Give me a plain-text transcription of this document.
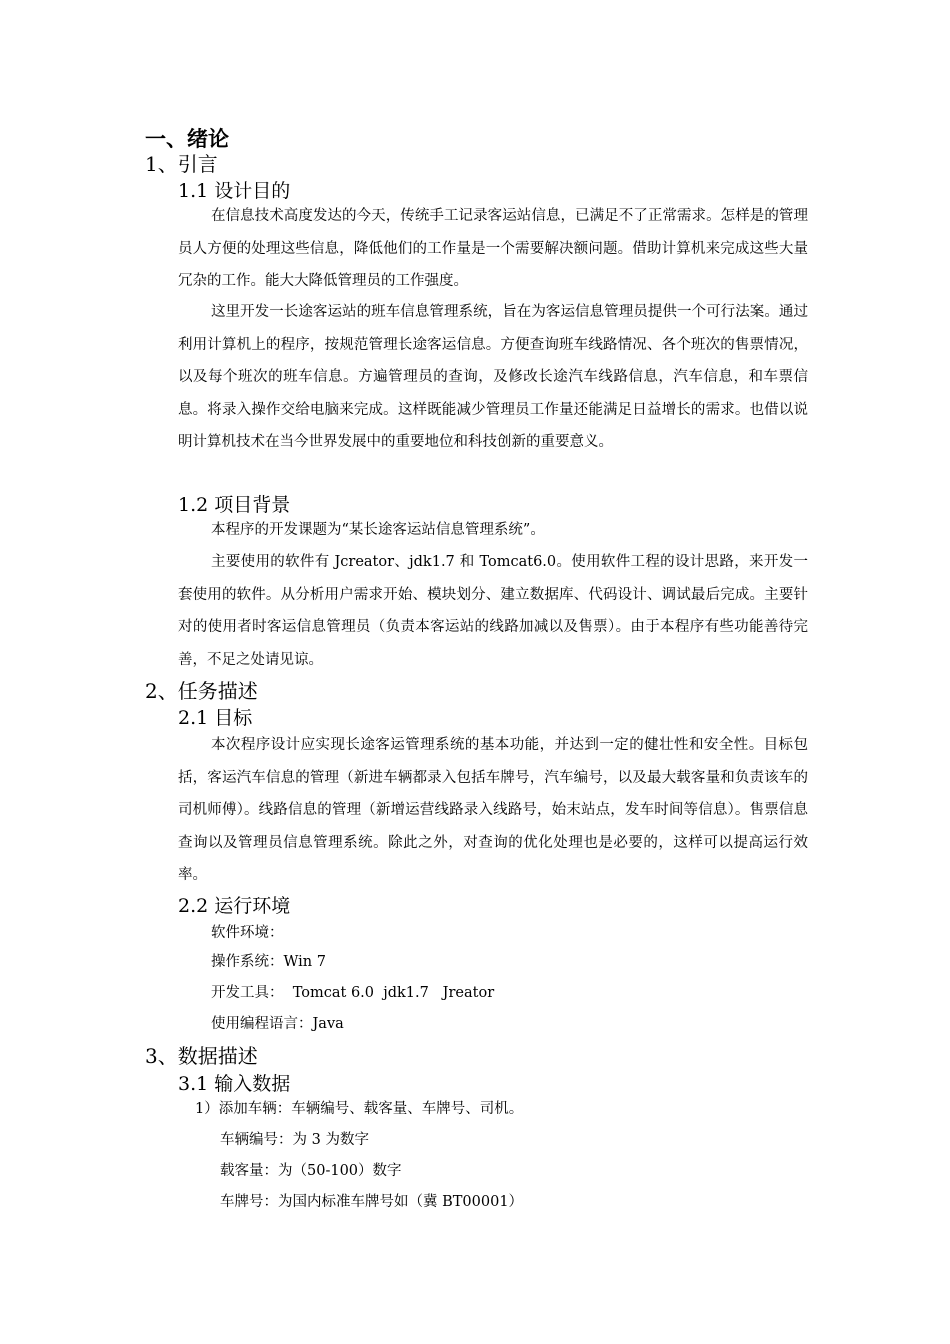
一、绪论
1、引言
1.1 设计目的
在信息技术高度发达的今天，传统手工记录客运站信息，已满足不了正常需求。怎样是的管理员人方便的处理这些信息，降低他们的工作量是一个需要解决额问题。借助计算机来完成这些大量冗杂的工作。能大大降低管理员的工作强度。
这里开发一长途客运站的班车信息管理系统，旨在为客运信息管理员提供一个可行法案。通过利用计算机上的程序，按规范管理长途客运信息。方便查询班车线路情况、各个班次的售票情况，以及每个班次的班车信息。方遍管理员的查询，及修改长途汽车线路信息，汽车信息，和车票信息。将录入操作交给电脑来完成。这样既能减少管理员工作量还能满足日益增长的需求。也借以说明计算机技术在当今世界发展中的重要地位和科技创新的重要意义。
1.2 项目背景
本程序的开发课题为“某长途客运站信息管理系统”。
主要使用的软件有 Jcreator、jdk1.7 和 Tomcat6.0。使用软件工程的设计思路，来开发一套使用的软件。从分析用户需求开始、模块划分、建立数据库、代码设计、调试最后完成。主要针对的使用者时客运信息管理员（负责本客运站的线路加减以及售票）。由于本程序有些功能善待完善，不足之处请见谅。
2、任务描述
2.1 目标
本次程序设计应实现长途客运管理系统的基本功能，并达到一定的健壮性和安全性。目标包括，客运汽车信息的管理（新进车辆都录入包括车牌号，汽车编号，以及最大载客量和负责该车的司机师傅）。线路信息的管理（新增运营线路录入线路号，始末站点，发车时间等信息）。售票信息查询以及管理员信息管理系统。除此之外，对查询的优化处理也是必要的，这样可以提高运行效率。
2.2 运行环境
软件环境：
操作系统：Win 7
开发工具：  Tomcat 6.0  jdk1.7   Jreator
使用编程语言：Java
3、数据描述
3.1 输入数据
1）添加车辆：车辆编号、载客量、车牌号、司机。
车辆编号：为 3 为数字
载客量：为（50-100）数字
车牌号：为国内标准车牌号如（冀 BT00001）
